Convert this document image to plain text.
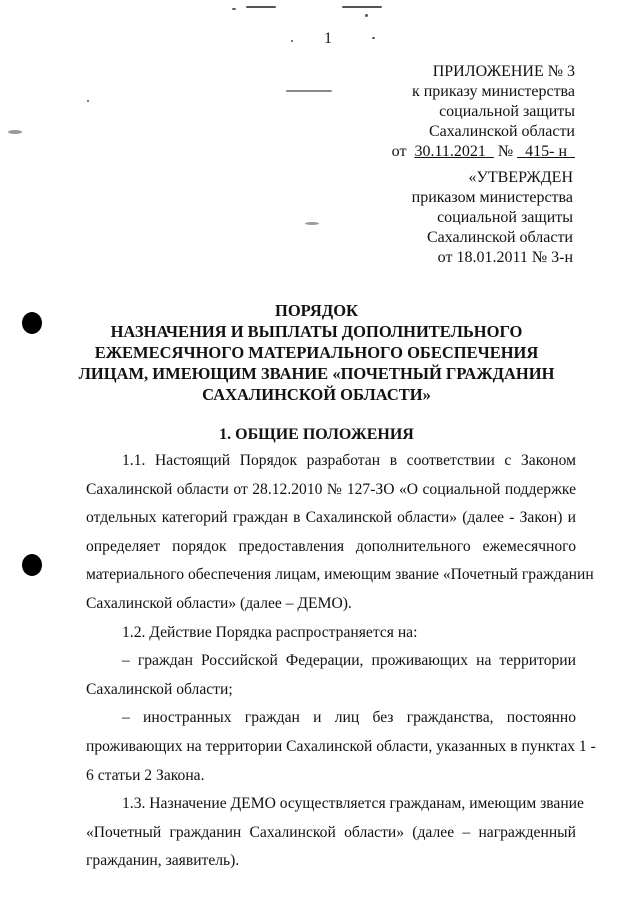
1
ПРИЛОЖЕНИЕ № 3
к приказу министерства
социальной защиты
Сахалинской области
от 30.11.2021 № 415- н
«УТВЕРЖДЕН
приказом министерства
социальной защиты
Сахалинской области
от 18.01.2011 № 3-н
ПОРЯДОК
НАЗНАЧЕНИЯ И ВЫПЛАТЫ ДОПОЛНИТЕЛЬНОГО
ЕЖЕМЕСЯЧНОГО МАТЕРИАЛЬНОГО ОБЕСПЕЧЕНИЯ
ЛИЦАМ, ИМЕЮЩИМ ЗВАНИЕ «ПОЧЕТНЫЙ ГРАЖДАНИН
САХАЛИНСКОЙ ОБЛАСТИ»
1. ОБЩИЕ ПОЛОЖЕНИЯ
1.1. Настоящий Порядок разработан в соответствии с Законом
Сахалинской области от 28.12.2010 № 127-ЗО «О социальной поддержке
отдельных категорий граждан в Сахалинской области» (далее - Закон) и
определяет порядок предоставления дополнительного ежемесячного
материального обеспечения лицам, имеющим звание «Почетный гражданин
Сахалинской области» (далее – ДЕМО).
1.2. Действие Порядка распространяется на:
– граждан Российской Федерации, проживающих на территории
Сахалинской области;
– иностранных граждан и лиц без гражданства, постоянно
проживающих на территории Сахалинской области, указанных в пунктах 1 -
6 статьи 2 Закона.
1.3. Назначение ДЕМО осуществляется гражданам, имеющим звание
«Почетный гражданин Сахалинской области» (далее – награжденный
гражданин, заявитель).
